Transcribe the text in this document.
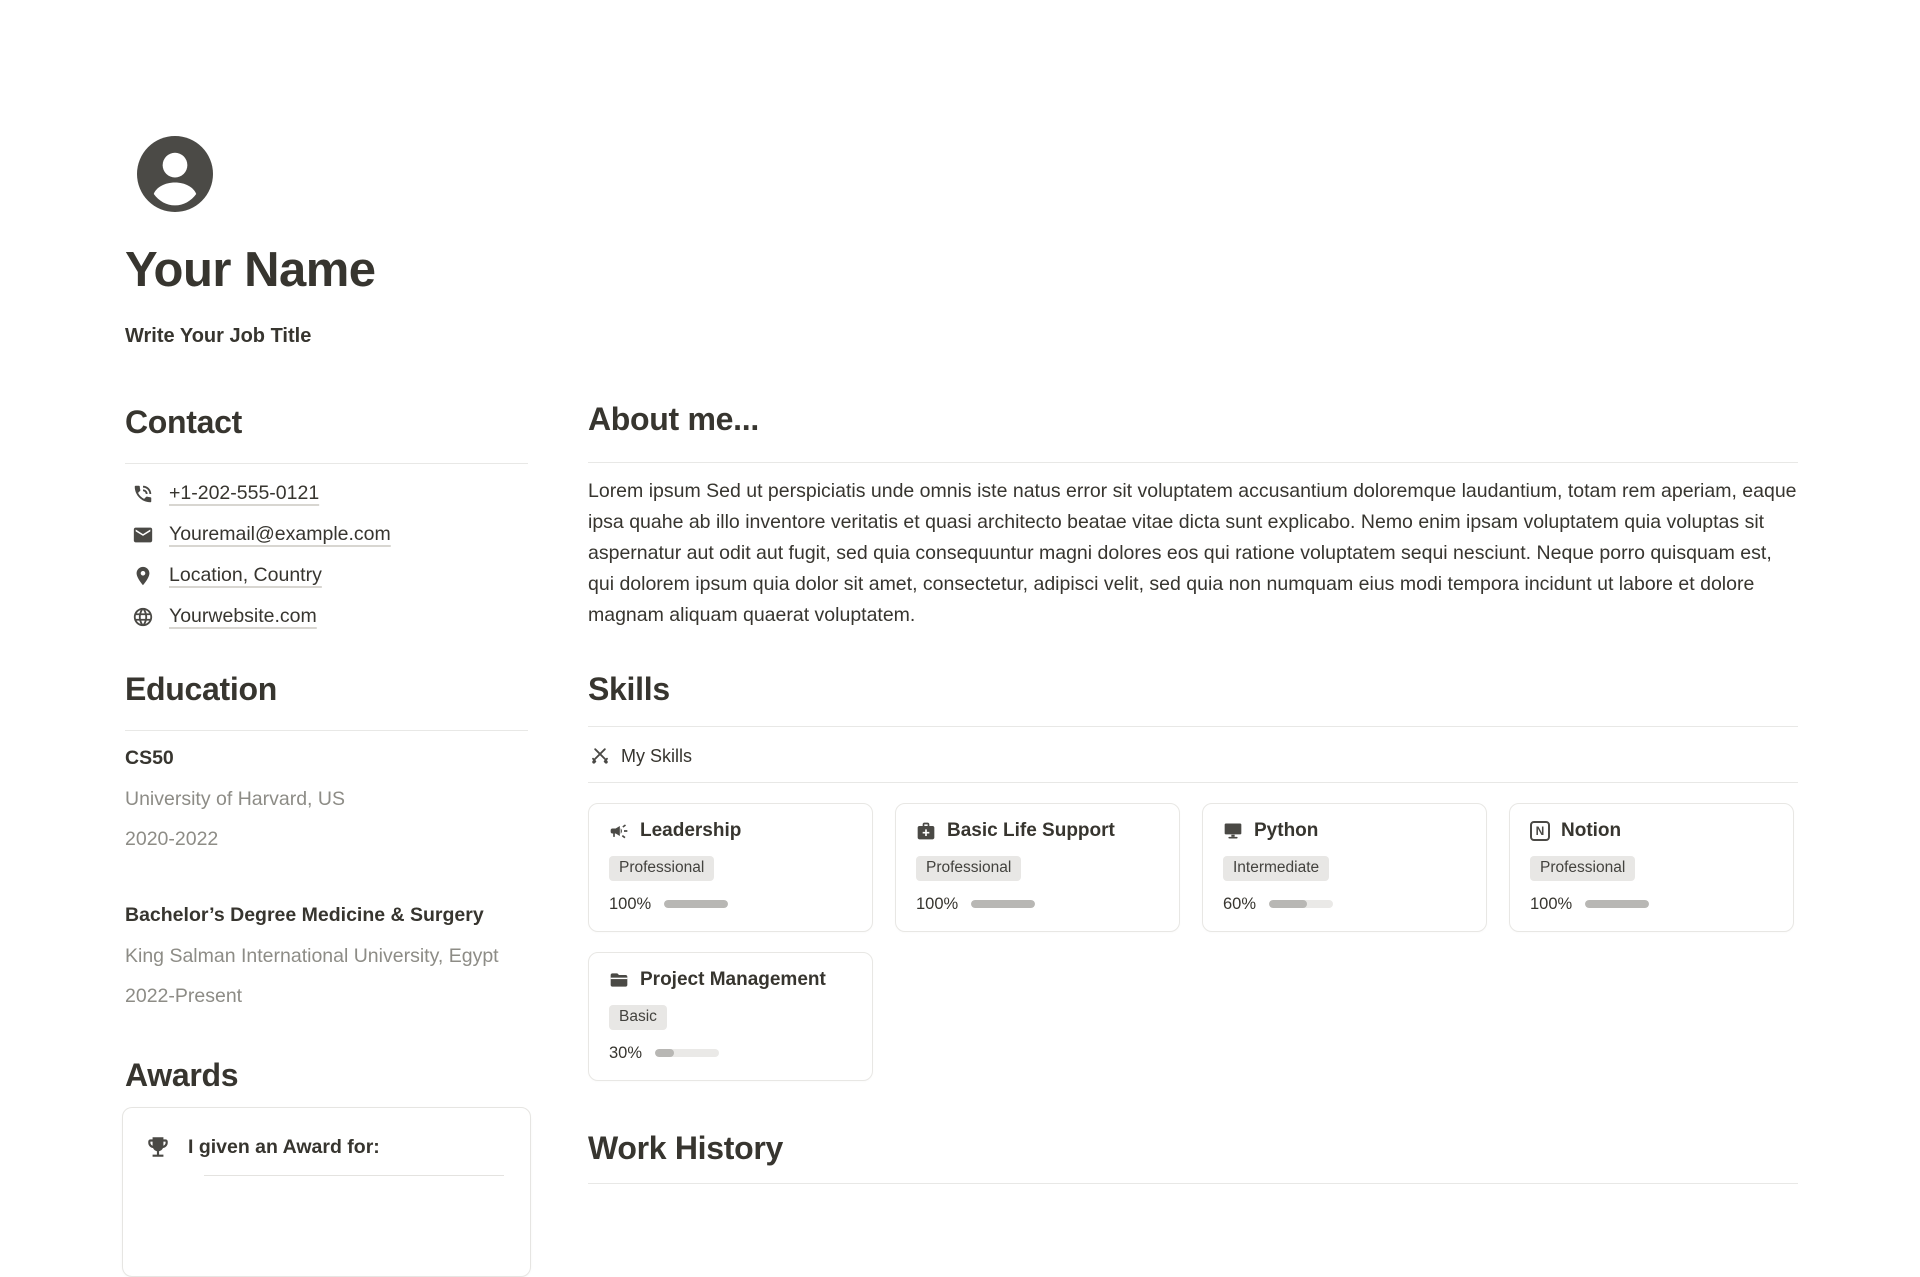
Your Name
Write Your Job Title
Contact
+1-202-555-0121
Youremail@example.com
Location, Country
Yourwebsite.com
Education
CS50
University of Harvard, US
2020-2022
Bachelor’s Degree Medicine & Surgery
King Salman International University, Egypt
2022-Present
Awards
I given an Award for:
About me...
Lorem ipsum Sed ut perspiciatis unde omnis iste natus error sit voluptatem accusantium doloremque laudantium, totam rem aperiam, eaque ipsa quahe ab illo inventore veritatis et quasi architecto beatae vitae dicta sunt explicabo. Nemo enim ipsam voluptatem quia voluptas sit aspernatur aut odit aut fugit, sed quia consequuntur magni dolores eos qui ratione voluptatem sequi nesciunt. Neque porro quisquam est, qui dolorem ipsum quia dolor sit amet, consectetur, adipisci velit, sed quia non numquam eius modi tempora incidunt ut labore et dolore magnam aliquam quaerat voluptatem.
Skills
My Skills
Leadership
Professional
100%
Basic Life Support
Professional
100%
Python
Intermediate
60%
N Notion
Professional
100%
Project Management
Basic
30%
Work History
